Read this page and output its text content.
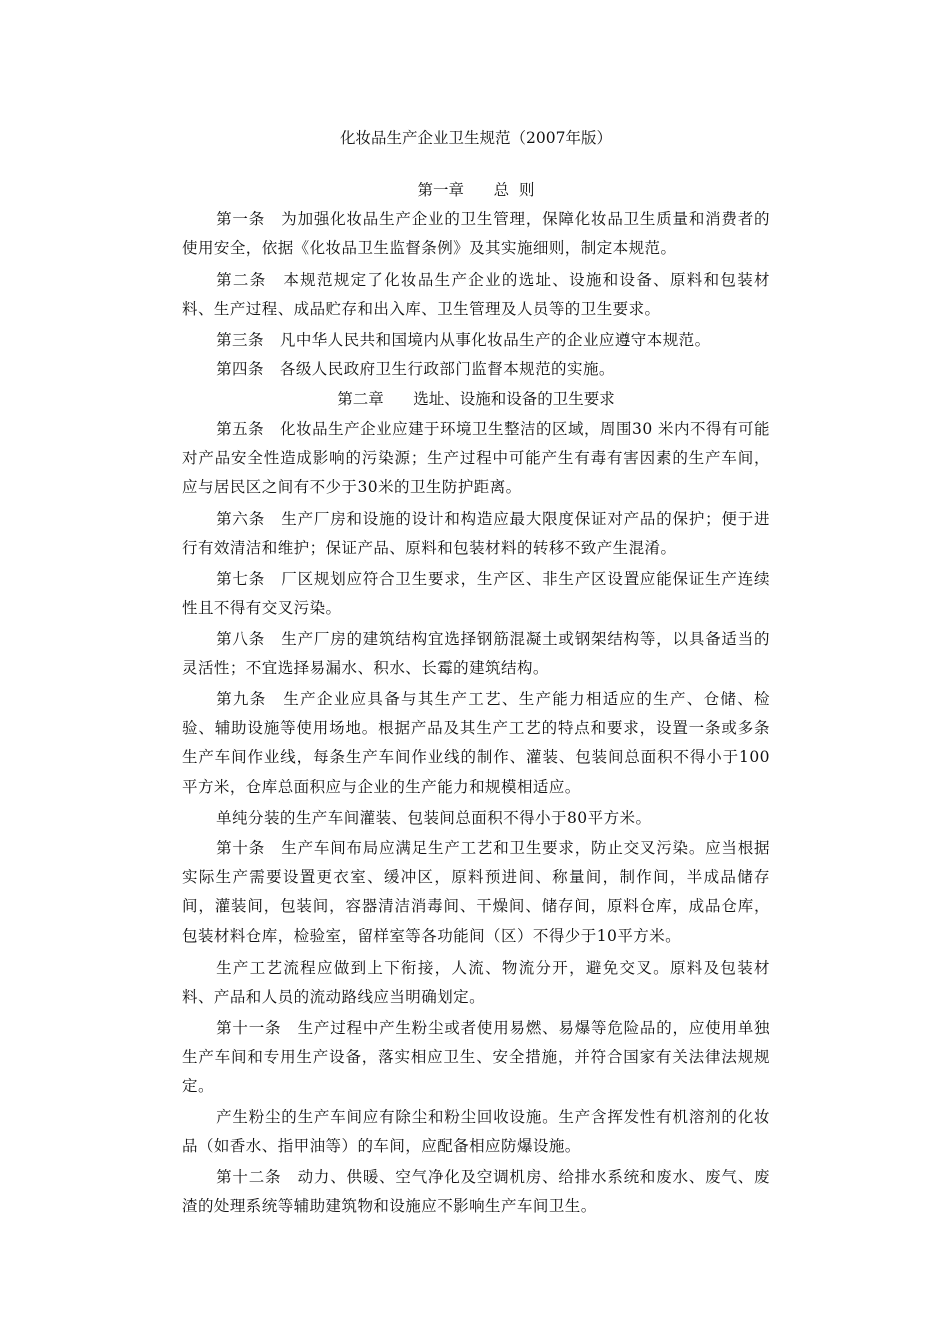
化妆品生产企业卫生规范（2007年版）
第一章      总  则

第一条  为加强化妆品生产企业的卫生管理，保障化妆品卫生质量和消费者的使用安全，依据《化妆品卫生监督条例》及其实施细则，制定本规范。

第二条  本规范规定了化妆品生产企业的选址、设施和设备、原料和包装材料、生产过程、成品贮存和出入库、卫生管理及人员等的卫生要求。

第三条  凡中华人民共和国境内从事化妆品生产的企业应遵守本规范。

第四条  各级人民政府卫生行政部门监督本规范的实施。

第二章      选址、设施和设备的卫生要求

第五条  化妆品生产企业应建于环境卫生整洁的区域，周围30 米内不得有可能对产品安全性造成影响的污染源；生产过程中可能产生有毒有害因素的生产车间，应与居民区之间有不少于30米的卫生防护距离。

第六条  生产厂房和设施的设计和构造应最大限度保证对产品的保护；便于进行有效清洁和维护；保证产品、原料和包装材料的转移不致产生混淆。

第七条  厂区规划应符合卫生要求，生产区、非生产区设置应能保证生产连续性且不得有交叉污染。

第八条  生产厂房的建筑结构宜选择钢筋混凝土或钢架结构等，以具备适当的灵活性；不宜选择易漏水、积水、长霉的建筑结构。

第九条  生产企业应具备与其生产工艺、生产能力相适应的生产、仓储、检验、辅助设施等使用场地。根据产品及其生产工艺的特点和要求，设置一条或多条生产车间作业线，每条生产车间作业线的制作、灌装、包装间总面积不得小于100平方米，仓库总面积应与企业的生产能力和规模相适应。

单纯分装的生产车间灌装、包装间总面积不得小于80平方米。

第十条  生产车间布局应满足生产工艺和卫生要求，防止交叉污染。应当根据实际生产需要设置更衣室、缓冲区，原料预进间、称量间，制作间，半成品储存间，灌装间，包装间，容器清洁消毒间、干燥间、储存间，原料仓库，成品仓库，包装材料仓库，检验室，留样室等各功能间（区）不得少于10平方米。

生产工艺流程应做到上下衔接，人流、物流分开，避免交叉。原料及包装材料、产品和人员的流动路线应当明确划定。

第十一条  生产过程中产生粉尘或者使用易燃、易爆等危险品的，应使用单独生产车间和专用生产设备，落实相应卫生、安全措施，并符合国家有关法律法规规定。

产生粉尘的生产车间应有除尘和粉尘回收设施。生产含挥发性有机溶剂的化妆品（如香水、指甲油等）的车间，应配备相应防爆设施。

第十二条  动力、供暖、空气净化及空调机房、给排水系统和废水、废气、废渣的处理系统等辅助建筑物和设施应不影响生产车间卫生。
